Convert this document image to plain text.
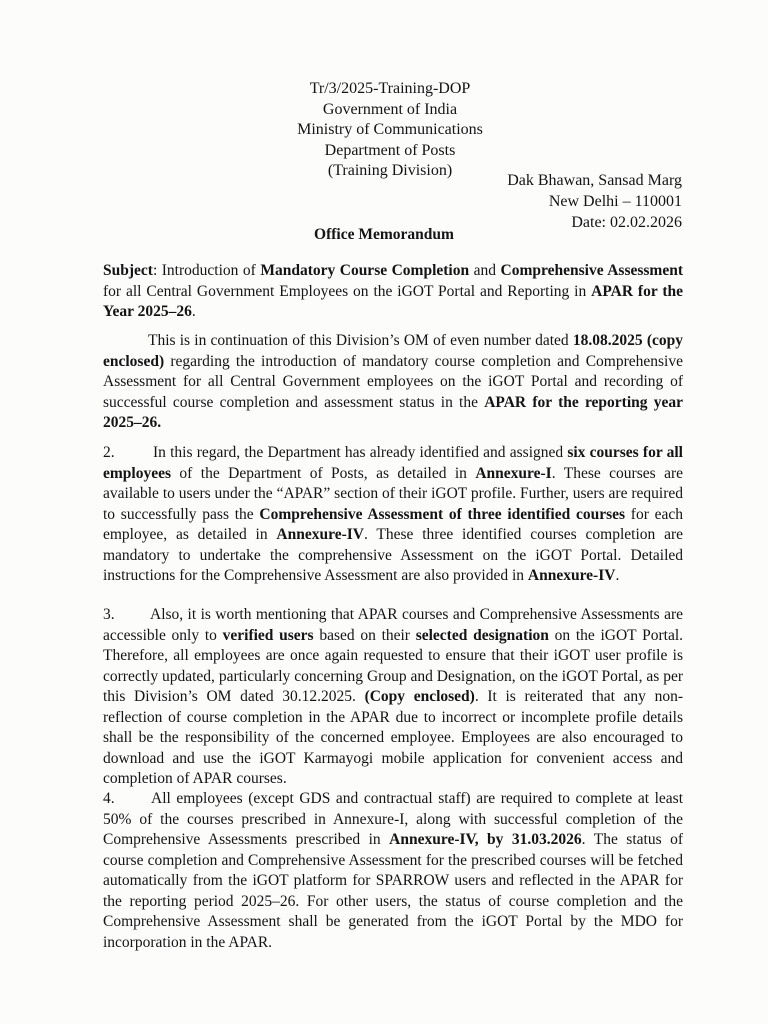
Tr/3/2025-Training-DOP
Government of India
Ministry of Communications
Department of Posts
(Training Division)
Dak Bhawan, Sansad Marg
New Delhi – 110001
Date: 02.02.2026
Office Memorandum
Subject: Introduction of Mandatory Course Completion and Comprehensive Assessment for all Central Government Employees on the iGOT Portal and Reporting in APAR for the Year 2025–26.
This is in continuation of this Division’s OM of even number dated 18.08.2025 (copy enclosed) regarding the introduction of mandatory course completion and Comprehensive Assessment for all Central Government employees on the iGOT Portal and recording of successful course completion and assessment status in the APAR for the reporting year 2025–26.
2. In this regard, the Department has already identified and assigned six courses for all employees of the Department of Posts, as detailed in Annexure-I. These courses are available to users under the “APAR” section of their iGOT profile. Further, users are required to successfully pass the Comprehensive Assessment of three identified courses for each employee, as detailed in Annexure-IV. These three identified courses completion are mandatory to undertake the comprehensive Assessment on the iGOT Portal. Detailed instructions for the Comprehensive Assessment are also provided in Annexure-IV.
3. Also, it is worth mentioning that APAR courses and Comprehensive Assessments are accessible only to verified users based on their selected designation on the iGOT Portal. Therefore, all employees are once again requested to ensure that their iGOT user profile is correctly updated, particularly concerning Group and Designation, on the iGOT Portal, as per this Division’s OM dated 30.12.2025. (Copy enclosed). It is reiterated that any non-reflection of course completion in the APAR due to incorrect or incomplete profile details shall be the responsibility of the concerned employee. Employees are also encouraged to download and use the iGOT Karmayogi mobile application for convenient access and completion of APAR courses.
4. All employees (except GDS and contractual staff) are required to complete at least 50% of the courses prescribed in Annexure-I, along with successful completion of the Comprehensive Assessments prescribed in Annexure-IV, by 31.03.2026. The status of course completion and Comprehensive Assessment for the prescribed courses will be fetched automatically from the iGOT platform for SPARROW users and reflected in the APAR for the reporting period 2025–26. For other users, the status of course completion and the Comprehensive Assessment shall be generated from the iGOT Portal by the MDO for incorporation in the APAR.
